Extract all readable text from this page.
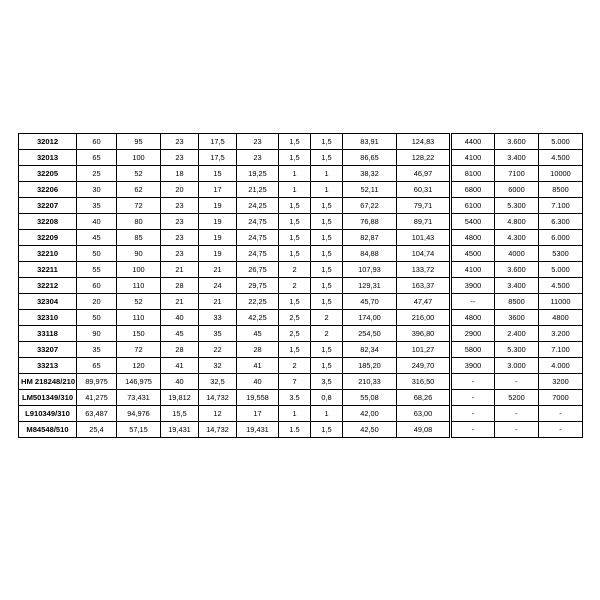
32012	60	95	23	17,5	23	1,5	1,5	83,91	124,83	4400	3.600	5.000
32013	65	100	23	17,5	23	1,5	1,5	86,65	128,22	4100	3.400	4.500
32205	25	52	18	15	19,25	1	1	38,32	46,97	8100	7100	10000
32206	30	62	20	17	21,25	1	1	52,11	60,31	6800	6000	8500
32207	35	72	23	19	24,25	1,5	1,5	67,22	79,71	6100	5.300	7.100
32208	40	80	23	19	24,75	1,5	1,5	76,88	89,71	5400	4.800	6.300
32209	45	85	23	19	24,75	1,5	1,5	82,87	101,43	4800	4.300	6.000
32210	50	90	23	19	24,75	1,5	1,5	84,88	104,74	4500	4000	5300
32211	55	100	21	21	26,75	2	1,5	107,93	133,72	4100	3.600	5.000
32212	60	110	28	24	29,75	2	1,5	129,31	163,37	3900	3.400	4.500
32304	20	52	21	21	22,25	1,5	1,5	45,70	47,47	--	8500	11000
32310	50	110	40	33	42,25	2,5	2	174,00	216,00	4800	3600	4800
33118	90	150	45	35	45	2,5	2	254,50	396,80	2900	2.400	3.200
33207	35	72	28	22	28	1,5	1,5	82,34	101,27	5800	5.300	7.100
33213	65	120	41	32	41	2	1,5	185,20	249,70	3900	3.000	4.000
HM 218248/210	89,975	146,975	40	32,5	40	7	3,5	210,33	316,50	-	-	3200
LM501349/310	41,275	73,431	19,812	14,732	19,558	3.5	0,8	55,08	68,26	-	5200	7000
L910349/310	63,487	94,976	15,5	12	17	1	1	42,00	63,00	-	-	-
M84548/510	25,4	57,15	19,431	14,732	19,431	1.5	1,5	42,50	49,08	-	-	-
